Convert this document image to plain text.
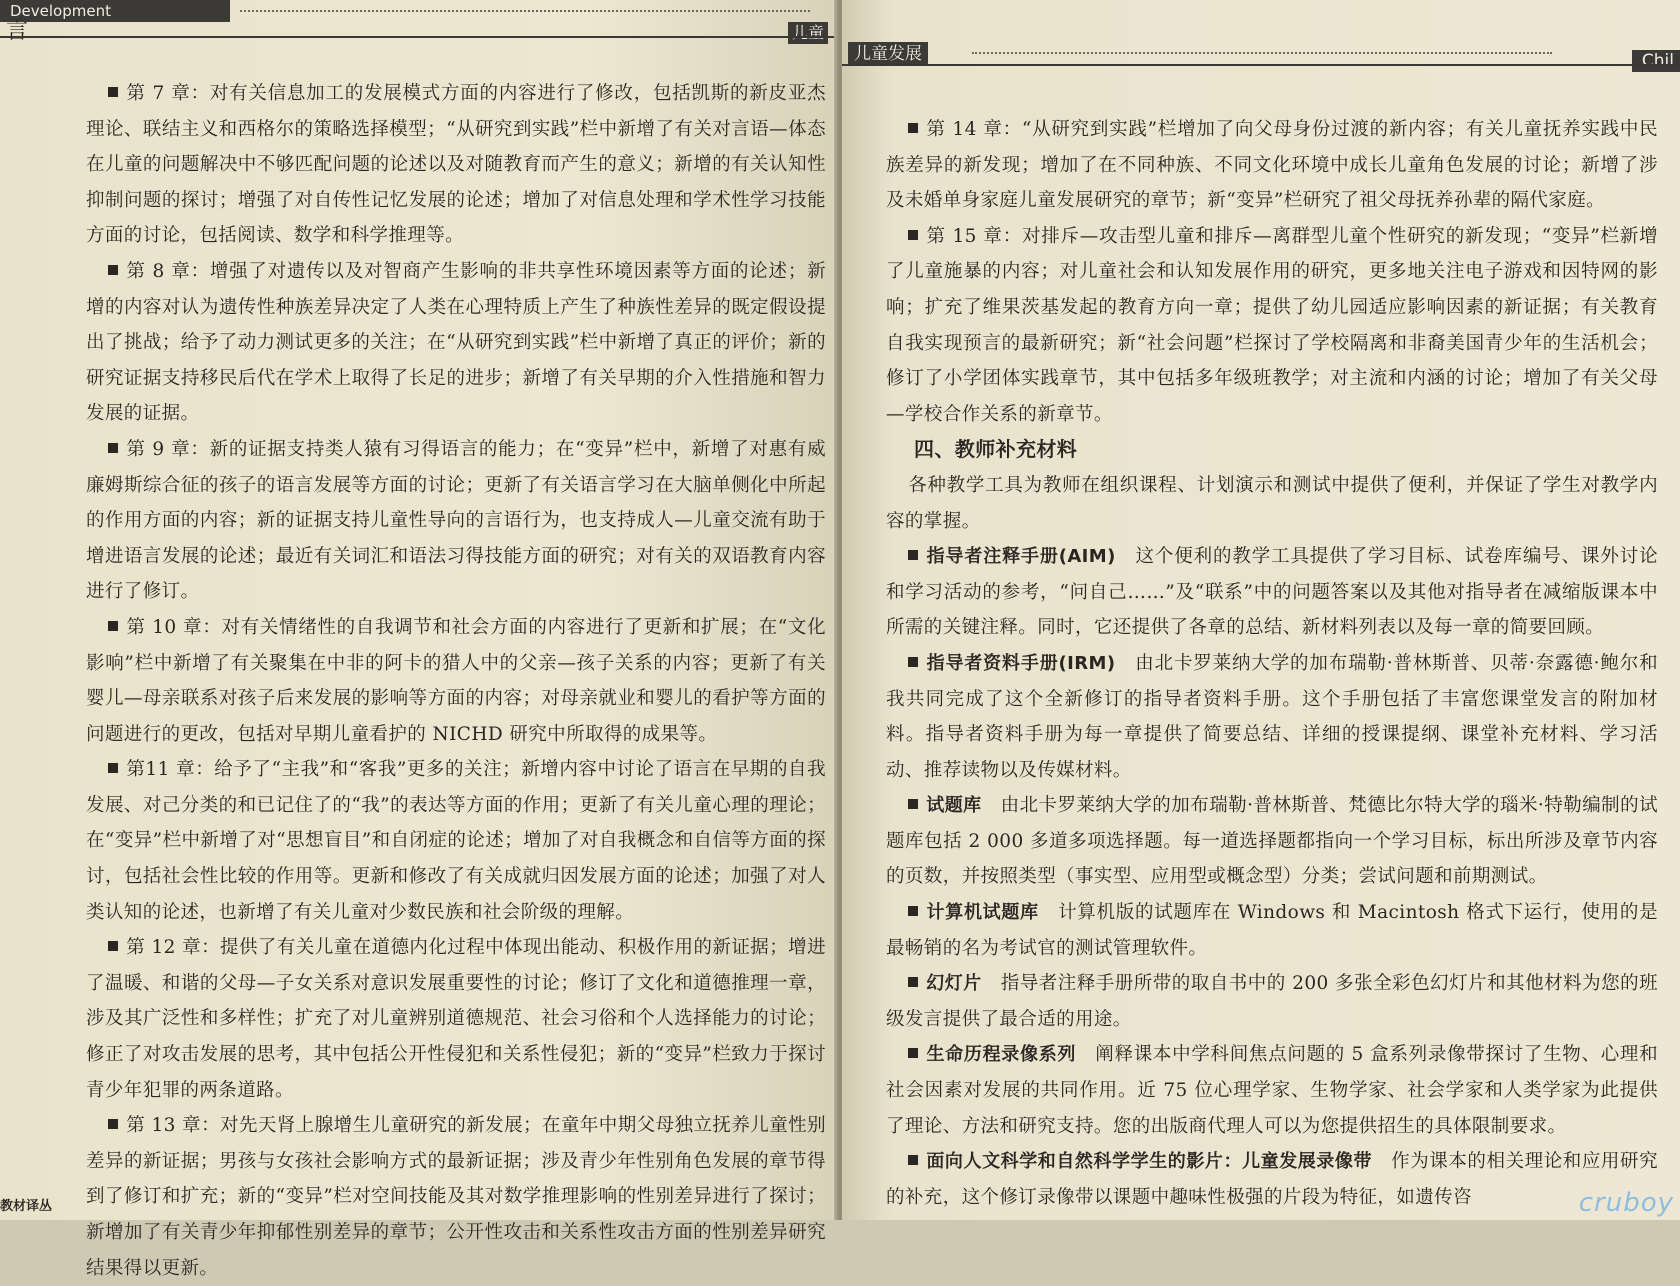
Development
言	儿童

第 7 章：对有关信息加工的发展模式方面的内容进行了修改，包括凯斯的新皮亚杰理论、联结主义和西格尔的策略选择模型；“从研究到实践”栏中新增了有关对言语—体态在儿童的问题解决中不够匹配问题的论述以及对随教育而产生的意义；新增的有关认知性抑制问题的探讨；增强了对自传性记忆发展的论述；增加了对信息处理和学术性学习技能方面的讨论，包括阅读、数学和科学推理等。

第 8 章：增强了对遗传以及对智商产生影响的非共享性环境因素等方面的论述；新增的内容对认为遗传性种族差异决定了人类在心理特质上产生了种族性差异的既定假设提出了挑战；给予了动力测试更多的关注；在“从研究到实践”栏中新增了真正的评价；新的研究证据支持移民后代在学术上取得了长足的进步；新增了有关早期的介入性措施和智力发展的证据。

第 9 章：新的证据支持类人猿有习得语言的能力；在“变异”栏中，新增了对惠有威廉姆斯综合征的孩子的语言发展等方面的讨论；更新了有关语言学习在大脑单侧化中所起的作用方面的内容；新的证据支持儿童性导向的言语行为，也支持成人—儿童交流有助于增进语言发展的论述；最近有关词汇和语法习得技能方面的研究；对有关的双语教育内容进行了修订。

第 10 章：对有关情绪性的自我调节和社会方面的内容进行了更新和扩展；在“文化影响”栏中新增了有关聚集在中非的阿卡的猎人中的父亲—孩子关系的内容；更新了有关婴儿—母亲联系对孩子后来发展的影响等方面的内容；对母亲就业和婴儿的看护等方面的问题进行的更改，包括对早期儿童看护的 NICHD 研究中所取得的成果等。

第11 章：给予了“主我”和“客我”更多的关注；新增内容中讨论了语言在早期的自我发展、对己分类的和已记住了的“我”的表达等方面的作用；更新了有关儿童心理的理论；在“变异”栏中新增了对“思想盲目”和自闭症的论述；增加了对自我概念和自信等方面的探讨，包括社会性比较的作用等。更新和修改了有关成就归因发展方面的论述；加强了对人类认知的论述，也新增了有关儿童对少数民族和社会阶级的理解。

第 12 章：提供了有关儿童在道德内化过程中体现出能动、积极作用的新证据；增进了温暖、和谐的父母—子女关系对意识发展重要性的讨论；修订了文化和道德推理一章，涉及其广泛性和多样性；扩充了对儿童辨别道德规范、社会习俗和个人选择能力的讨论；修正了对攻击发展的思考，其中包括公开性侵犯和关系性侵犯；新的“变异”栏致力于探讨青少年犯罪的两条道路。

第 13 章：对先天肾上腺增生儿童研究的新发展；在童年中期父母独立抚养儿童性别差异的新证据；男孩与女孩社会影响方式的最新证据；涉及青少年性别角色发展的章节得到了修订和扩充；新的“变异”栏对空间技能及其对数学推理影响的性别差异进行了探讨；新增加了有关青少年抑郁性别差异的章节；公开性攻击和关系性攻击方面的性别差异研究结果得以更新。

教材译丛
儿童发展	Chil

第 14 章：“从研究到实践”栏增加了向父母身份过渡的新内容；有关儿童抚养实践中民族差异的新发现；增加了在不同种族、不同文化环境中成长儿童角色发展的讨论；新增了涉及未婚单身家庭儿童发展研究的章节；新“变异”栏研究了祖父母抚养孙辈的隔代家庭。

第 15 章：对排斥—攻击型儿童和排斥—离群型儿童个性研究的新发现；“变异”栏新增了儿童施暴的内容；对儿童社会和认知发展作用的研究，更多地关注电子游戏和因特网的影响；扩充了维果茨基发起的教育方向一章；提供了幼儿园适应影响因素的新证据；有关教育自我实现预言的最新研究；新“社会问题”栏探讨了学校隔离和非裔美国青少年的生活机会；修订了小学团体实践章节，其中包括多年级班教学；对主流和内涵的讨论；增加了有关父母—学校合作关系的新章节。

四、教师补充材料

各种教学工具为教师在组织课程、计划演示和测试中提供了便利，并保证了学生对教学内容的掌握。

指导者注释手册(AIM)　这个便利的教学工具提供了学习目标、试卷库编号、课外讨论和学习活动的参考，“问自己……”及“联系”中的问题答案以及其他对指导者在减缩版课本中所需的关键注释。同时，它还提供了各章的总结、新材料列表以及每一章的简要回顾。

指导者资料手册(IRM)　由北卡罗莱纳大学的加布瑞勒·普林斯普、贝蒂·奈露德·鲍尔和我共同完成了这个全新修订的指导者资料手册。这个手册包括了丰富您课堂发言的附加材料。指导者资料手册为每一章提供了简要总结、详细的授课提纲、课堂补充材料、学习活动、推荐读物以及传媒材料。

试题库　由北卡罗莱纳大学的加布瑞勒·普林斯普、梵德比尔特大学的瑙米·特勒编制的试题库包括 2 000 多道多项选择题。每一道选择题都指向一个学习目标，标出所涉及章节内容的页数，并按照类型（事实型、应用型或概念型）分类；尝试问题和前期测试。

计算机试题库　计算机版的试题库在 Windows 和 Macintosh 格式下运行，使用的是最畅销的名为考试官的测试管理软件。

幻灯片　指导者注释手册所带的取自书中的 200 多张全彩色幻灯片和其他材料为您的班级发言提供了最合适的用途。

生命历程录像系列　阐释课本中学科间焦点问题的 5 盒系列录像带探讨了生物、心理和社会因素对发展的共同作用。近 75 位心理学家、生物学家、社会学家和人类学家为此提供了理论、方法和研究支持。您的出版商代理人可以为您提供招生的具体限制要求。

面向人文科学和自然科学学生的影片：儿童发展录像带　作为课本的相关理论和应用研究的补充，这个修订录像带以课题中趣味性极强的片段为特征，如遗传咨	cruboy
